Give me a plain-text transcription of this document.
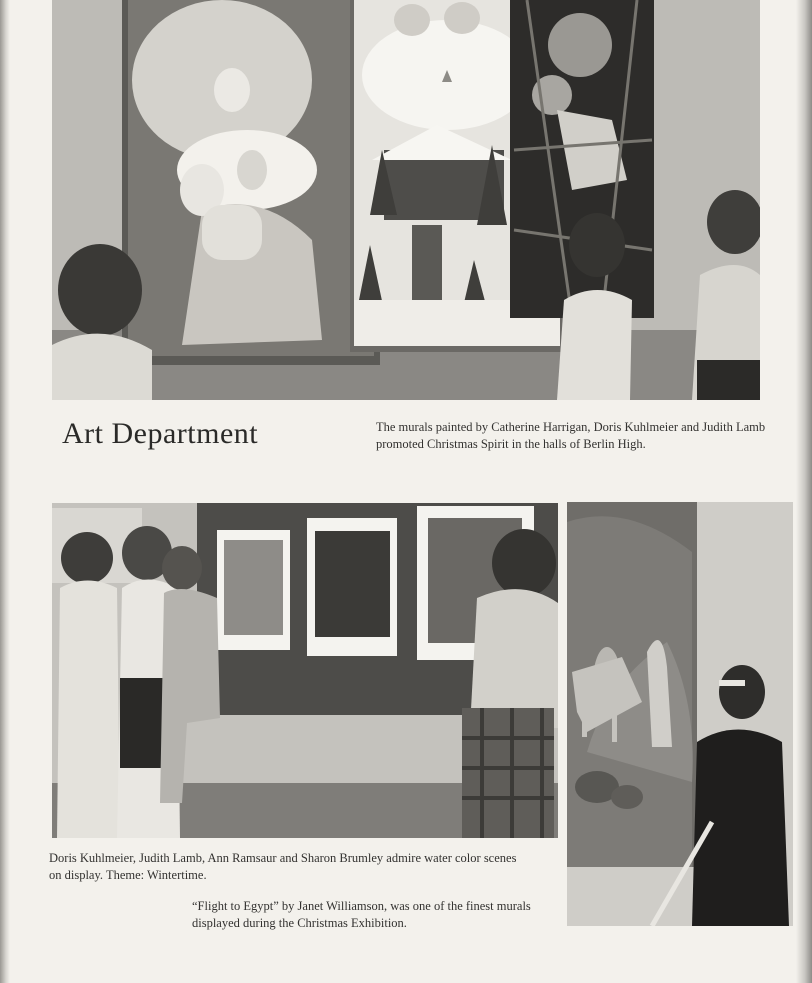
Art Department	The murals painted by Catherine Harrigan, Doris Kuhlmeier and Judith Lamb promoted Christmas Spirit in the halls of Berlin High.

Doris Kuhlmeier, Judith Lamb, Ann Ramsaur and Sharon Brumley admire water color scenes on display. Theme: Wintertime.

“Flight to Egypt” by Janet Williamson, was one of the finest murals displayed during the Christmas Exhibition.
